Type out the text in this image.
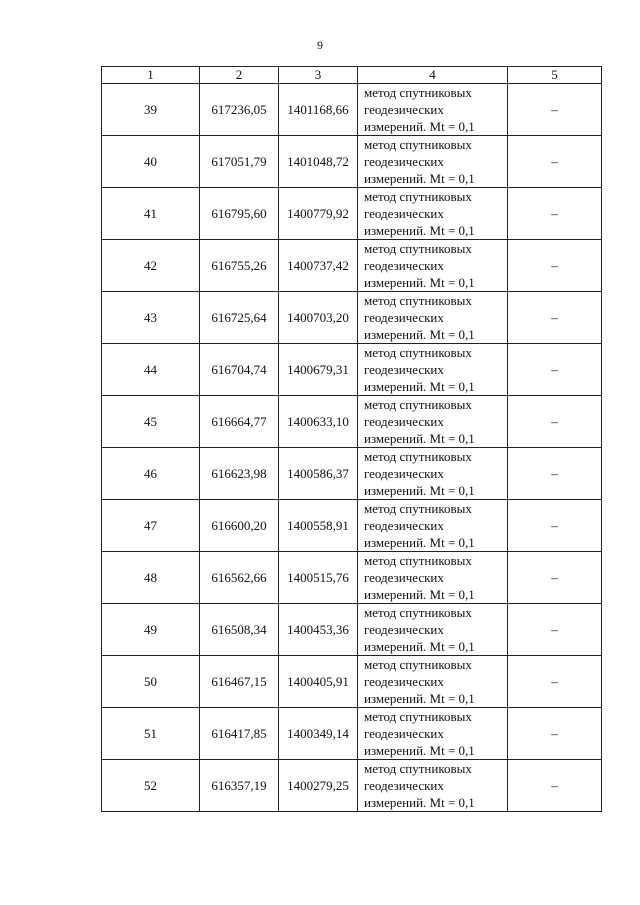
9
1	2	3	4	5
39	617236,05	1401168,66	метод спутниковых
геодезических
измерений. Mt = 0,1	–
40	617051,79	1401048,72	метод спутниковых
геодезических
измерений. Mt = 0,1	–
41	616795,60	1400779,92	метод спутниковых
геодезических
измерений. Mt = 0,1	–
42	616755,26	1400737,42	метод спутниковых
геодезических
измерений. Mt = 0,1	–
43	616725,64	1400703,20	метод спутниковых
геодезических
измерений. Mt = 0,1	–
44	616704,74	1400679,31	метод спутниковых
геодезических
измерений. Mt = 0,1	–
45	616664,77	1400633,10	метод спутниковых
геодезических
измерений. Mt = 0,1	–
46	616623,98	1400586,37	метод спутниковых
геодезических
измерений. Mt = 0,1	–
47	616600,20	1400558,91	метод спутниковых
геодезических
измерений. Mt = 0,1	–
48	616562,66	1400515,76	метод спутниковых
геодезических
измерений. Mt = 0,1	–
49	616508,34	1400453,36	метод спутниковых
геодезических
измерений. Mt = 0,1	–
50	616467,15	1400405,91	метод спутниковых
геодезических
измерений. Mt = 0,1	–
51	616417,85	1400349,14	метод спутниковых
геодезических
измерений. Mt = 0,1	–
52	616357,19	1400279,25	метод спутниковых
геодезических
измерений. Mt = 0,1	–
